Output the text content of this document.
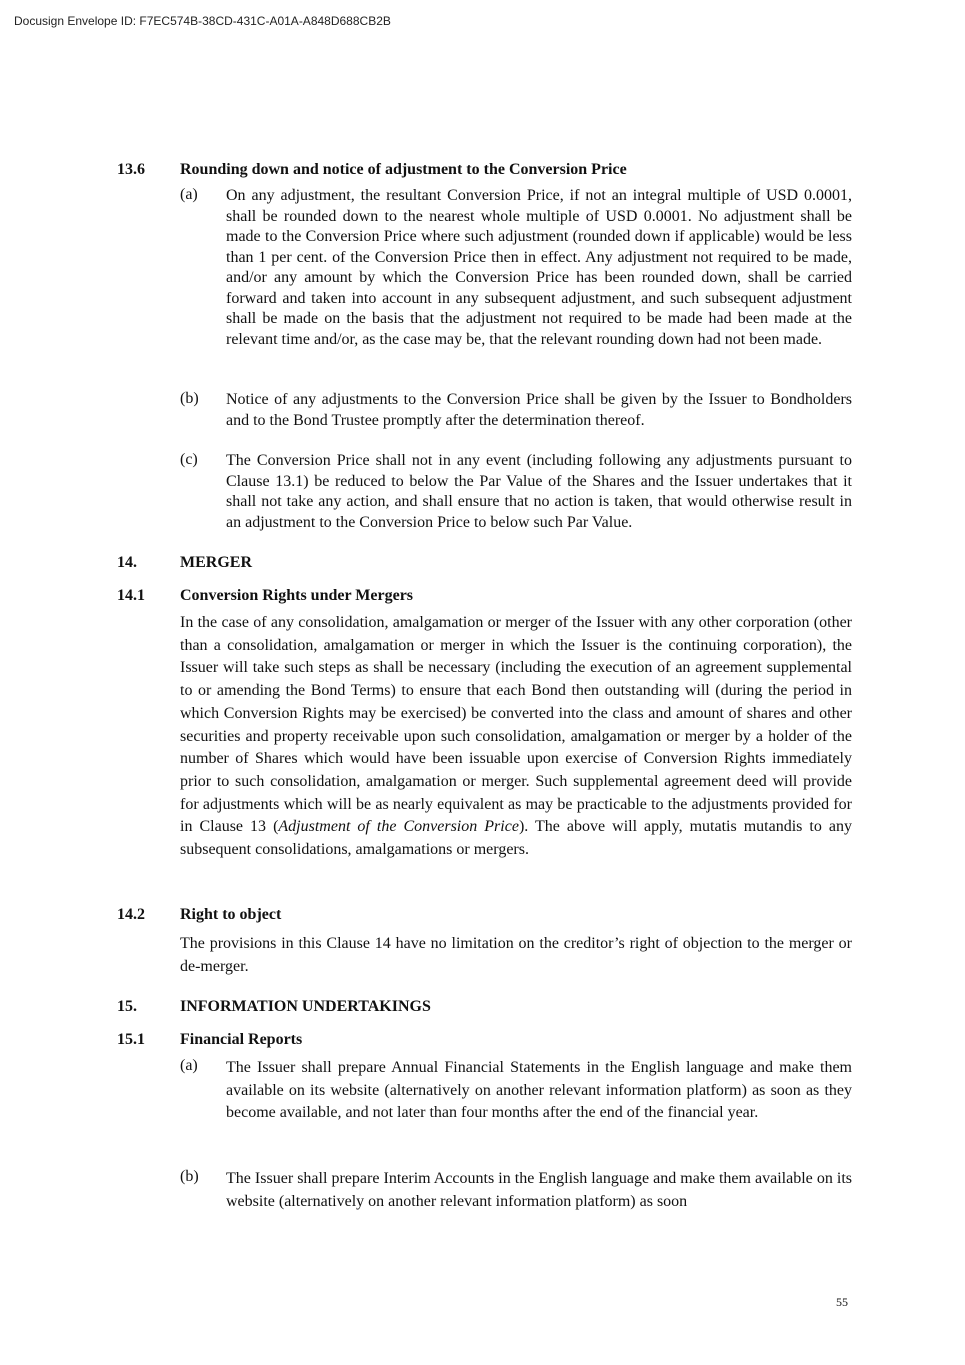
Docusign Envelope ID: F7EC574B-38CD-431C-A01A-A848D688CB2B
13.6 Rounding down and notice of adjustment to the Conversion Price
(a) On any adjustment, the resultant Conversion Price, if not an integral multiple of USD 0.0001, shall be rounded down to the nearest whole multiple of USD 0.0001. No adjustment shall be made to the Conversion Price where such adjustment (rounded down if applicable) would be less than 1 per cent. of the Conversion Price then in effect. Any adjustment not required to be made, and/or any amount by which the Conversion Price has been rounded down, shall be carried forward and taken into account in any subsequent adjustment, and such subsequent adjustment shall be made on the basis that the adjustment not required to be made had been made at the relevant time and/or, as the case may be, that the relevant rounding down had not been made.
(b) Notice of any adjustments to the Conversion Price shall be given by the Issuer to Bondholders and to the Bond Trustee promptly after the determination thereof.
(c) The Conversion Price shall not in any event (including following any adjustments pursuant to Clause 13.1) be reduced to below the Par Value of the Shares and the Issuer undertakes that it shall not take any action, and shall ensure that no action is taken, that would otherwise result in an adjustment to the Conversion Price to below such Par Value.
14.	MERGER
14.1 Conversion Rights under Mergers
In the case of any consolidation, amalgamation or merger of the Issuer with any other corporation (other than a consolidation, amalgamation or merger in which the Issuer is the continuing corporation), the Issuer will take such steps as shall be necessary (including the execution of an agreement supplemental to or amending the Bond Terms) to ensure that each Bond then outstanding will (during the period in which Conversion Rights may be exercised) be converted into the class and amount of shares and other securities and property receivable upon such consolidation, amalgamation or merger by a holder of the number of Shares which would have been issuable upon exercise of Conversion Rights immediately prior to such consolidation, amalgamation or merger. Such supplemental agreement deed will provide for adjustments which will be as nearly equivalent as may be practicable to the adjustments provided for in Clause 13 (Adjustment of the Conversion Price). The above will apply, mutatis mutandis to any subsequent consolidations, amalgamations or mergers.
14.2 Right to object
The provisions in this Clause 14 have no limitation on the creditor’s right of objection to the merger or de-merger.
15.	INFORMATION UNDERTAKINGS
15.1 Financial Reports
(a) The Issuer shall prepare Annual Financial Statements in the English language and make them available on its website (alternatively on another relevant information platform) as soon as they become available, and not later than four months after the end of the financial year.
(b) The Issuer shall prepare Interim Accounts in the English language and make them available on its website (alternatively on another relevant information platform) as soon
55
